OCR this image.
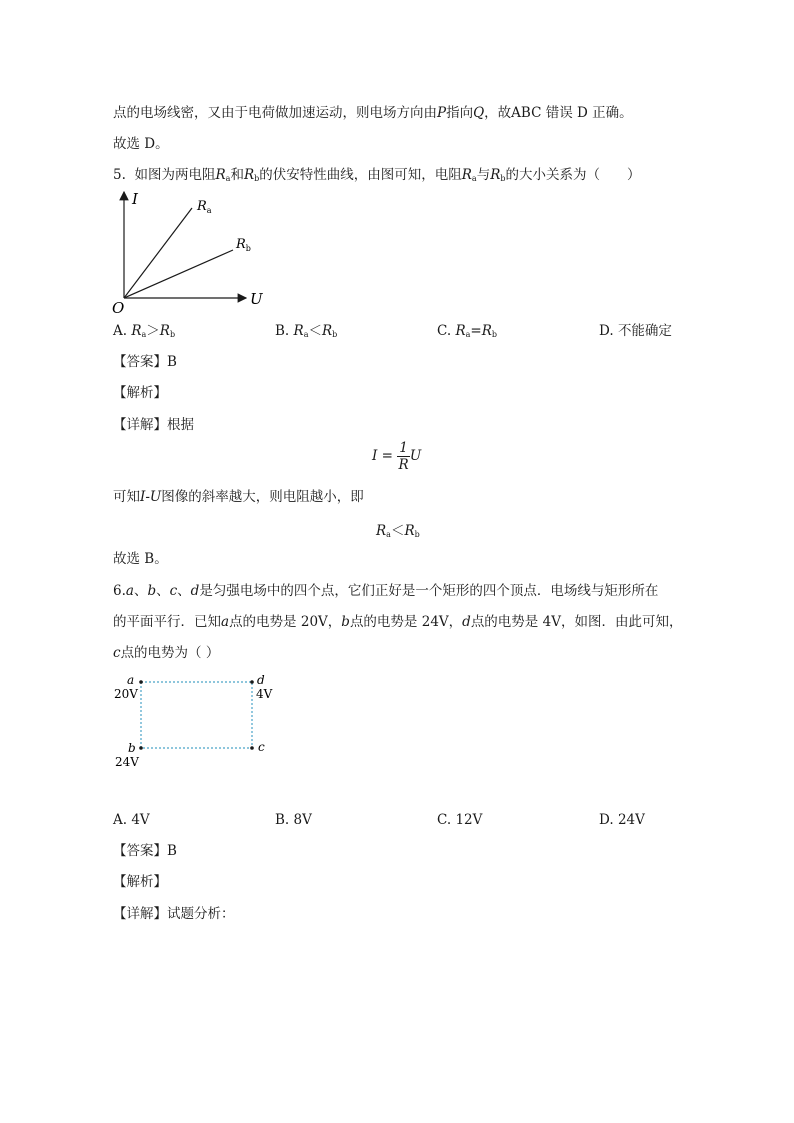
点的电场线密，又由于电荷做加速运动，则电场方向由P指向Q，故ABC 错误 D 正确。
故选 D。
5. 如图为两电阻$R_a$和$R_b$的伏安特性曲线，由图可知，电阻$R_a$与$R_b$的大小关系为（　　）
I
U
O
$R_a$
$R_b$
A. $R_a>R_b$	B. $R_a<R_b$	C. $R_a=R_b$	D. 不能确定
【答案】B
【解析】
【详解】根据
$I = \frac{1}{R}$ U
可知I-U图像的斜率越大，则电阻越小，即
$R_a<R_b$
故选 B。
6.a、b、c、d是匀强电场中的四个点，它们正好是一个矩形的四个顶点．电场线与矩形所在
的平面平行．已知a点的电势是 20V，b点的电势是 24V，d点的电势是 4V，如图．由此可知，
c点的电势为（ ）
a
20V
d
4V
b
24V
c
A. 4V	B. 8V	C. 12V	D. 24V
【答案】B
【解析】
【详解】试题分析：
